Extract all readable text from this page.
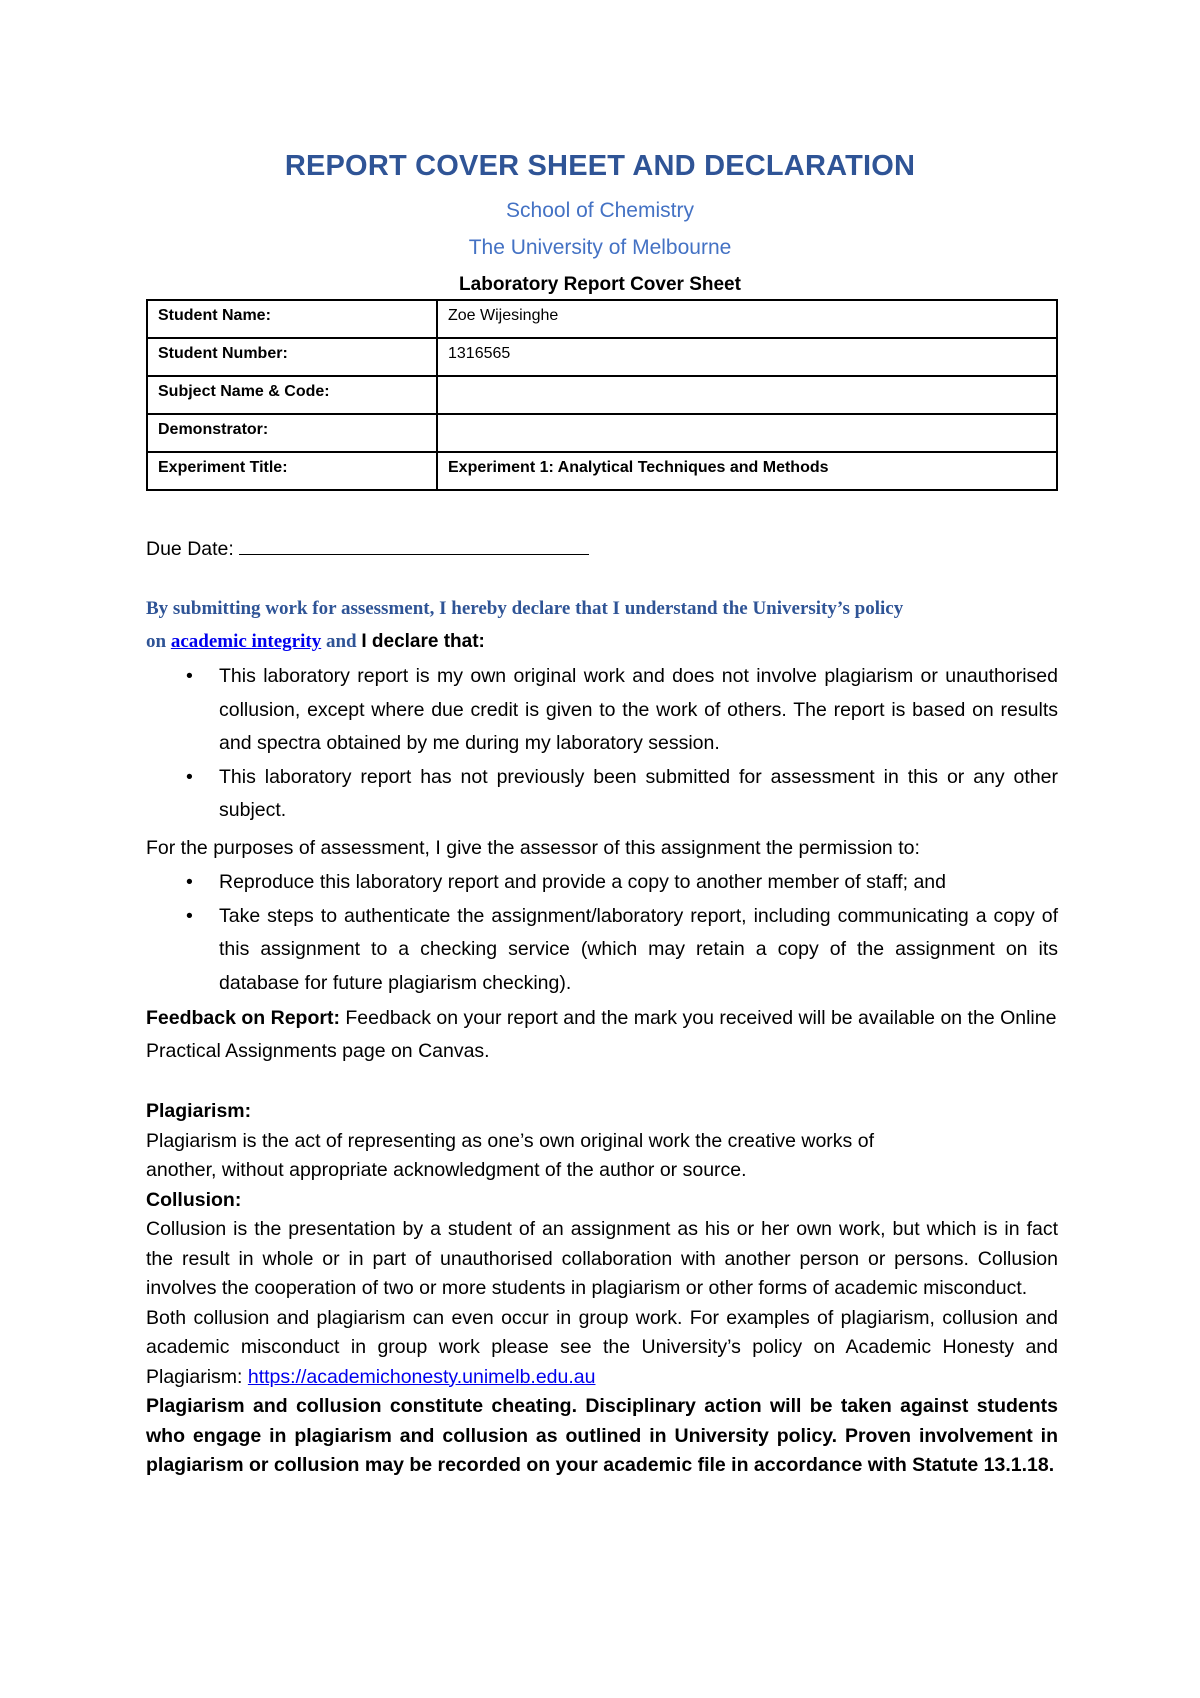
REPORT COVER SHEET AND DECLARATION
School of Chemistry
The University of Melbourne
Laboratory Report Cover Sheet
Student Name:	Zoe Wijesinghe
Student Number:	1316565
Subject Name & Code:	
Demonstrator:	
Experiment Title:	Experiment 1: Analytical Techniques and Methods
Due Date:
By submitting work for assessment, I hereby declare that I understand the University’s policy
on academic integrity and I declare that:
• This laboratory report is my own original work and does not involve plagiarism or unauthorised collusion, except where due credit is given to the work of others. The report is based on results and spectra obtained by me during my laboratory session.
• This laboratory report has not previously been submitted for assessment in this or any other subject.
For the purposes of assessment, I give the assessor of this assignment the permission to:
• Reproduce this laboratory report and provide a copy to another member of staff; and
• Take steps to authenticate the assignment/laboratory report, including communicating a copy of this assignment to a checking service (which may retain a copy of the assignment on its database for future plagiarism checking).
Feedback on Report: Feedback on your report and the mark you received will be available on the Online Practical Assignments page on Canvas.
Plagiarism:
Plagiarism is the act of representing as one’s own original work the creative works of
another, without appropriate acknowledgment of the author or source.
Collusion:
Collusion is the presentation by a student of an assignment as his or her own work, but which is in fact the result in whole or in part of unauthorised collaboration with another person or persons. Collusion involves the cooperation of two or more students in plagiarism or other forms of academic misconduct.
Both collusion and plagiarism can even occur in group work. For examples of plagiarism, collusion and academic misconduct in group work please see the University’s policy on Academic Honesty and Plagiarism: https://academichonesty.unimelb.edu.au
Plagiarism and collusion constitute cheating. Disciplinary action will be taken against students who engage in plagiarism and collusion as outlined in University policy. Proven involvement in plagiarism or collusion may be recorded on your academic file in accordance with Statute 13.1.18.
